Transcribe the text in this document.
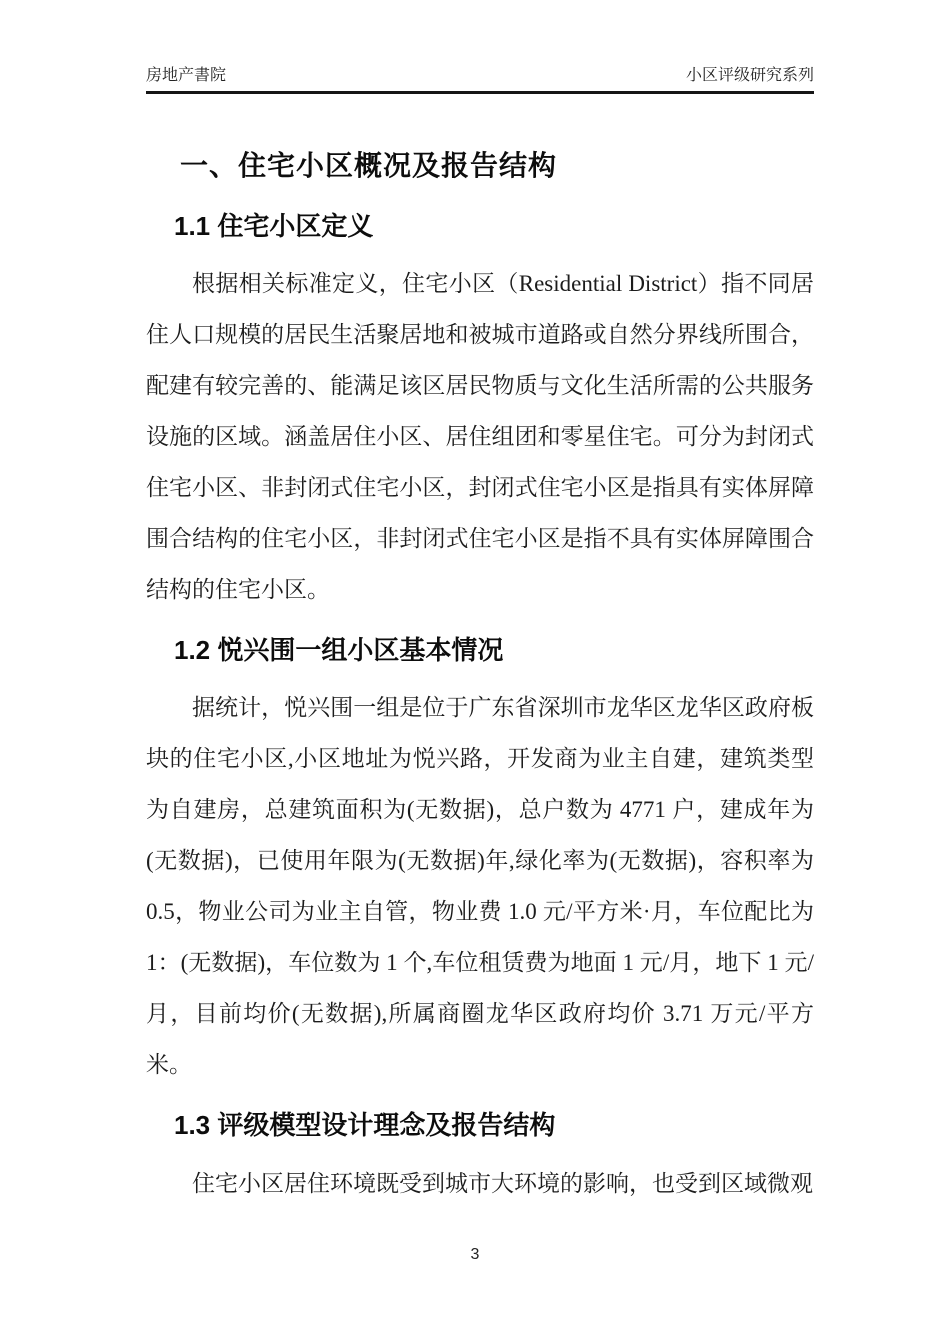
房地产書院	小区评级研究系列
一、住宅小区概况及报告结构
1.1 住宅小区定义

根据相关标准定义，住宅小区（Residential District）指不同居住人口规模的居民生活聚居地和被城市道路或自然分界线所围合，配建有较完善的、能满足该区居民物质与文化生活所需的公共服务设施的区域。涵盖居住小区、居住组团和零星住宅。可分为封闭式住宅小区、非封闭式住宅小区，封闭式住宅小区是指具有实体屏障围合结构的住宅小区，非封闭式住宅小区是指不具有实体屏障围合结构的住宅小区。

1.2 悦兴围一组小区基本情况

据统计，悦兴围一组是位于广东省深圳市龙华区龙华区政府板块的住宅小区,小区地址为悦兴路，开发商为业主自建，建筑类型为自建房，总建筑面积为(无数据)，总户数为 4771 户，建成年为(无数据)，已使用年限为(无数据)年,绿化率为(无数据)，容积率为 0.5，物业公司为业主自管，物业费 1.0 元/平方米·月，车位配比为 1：(无数据)，车位数为 1 个,车位租赁费为地面 1 元/月，地下 1 元/月，目前均价(无数据),所属商圈龙华区政府均价 3.71 万元/平方米。

1.3 评级模型设计理念及报告结构

住宅小区居住环境既受到城市大环境的影响，也受到区域微观

3
